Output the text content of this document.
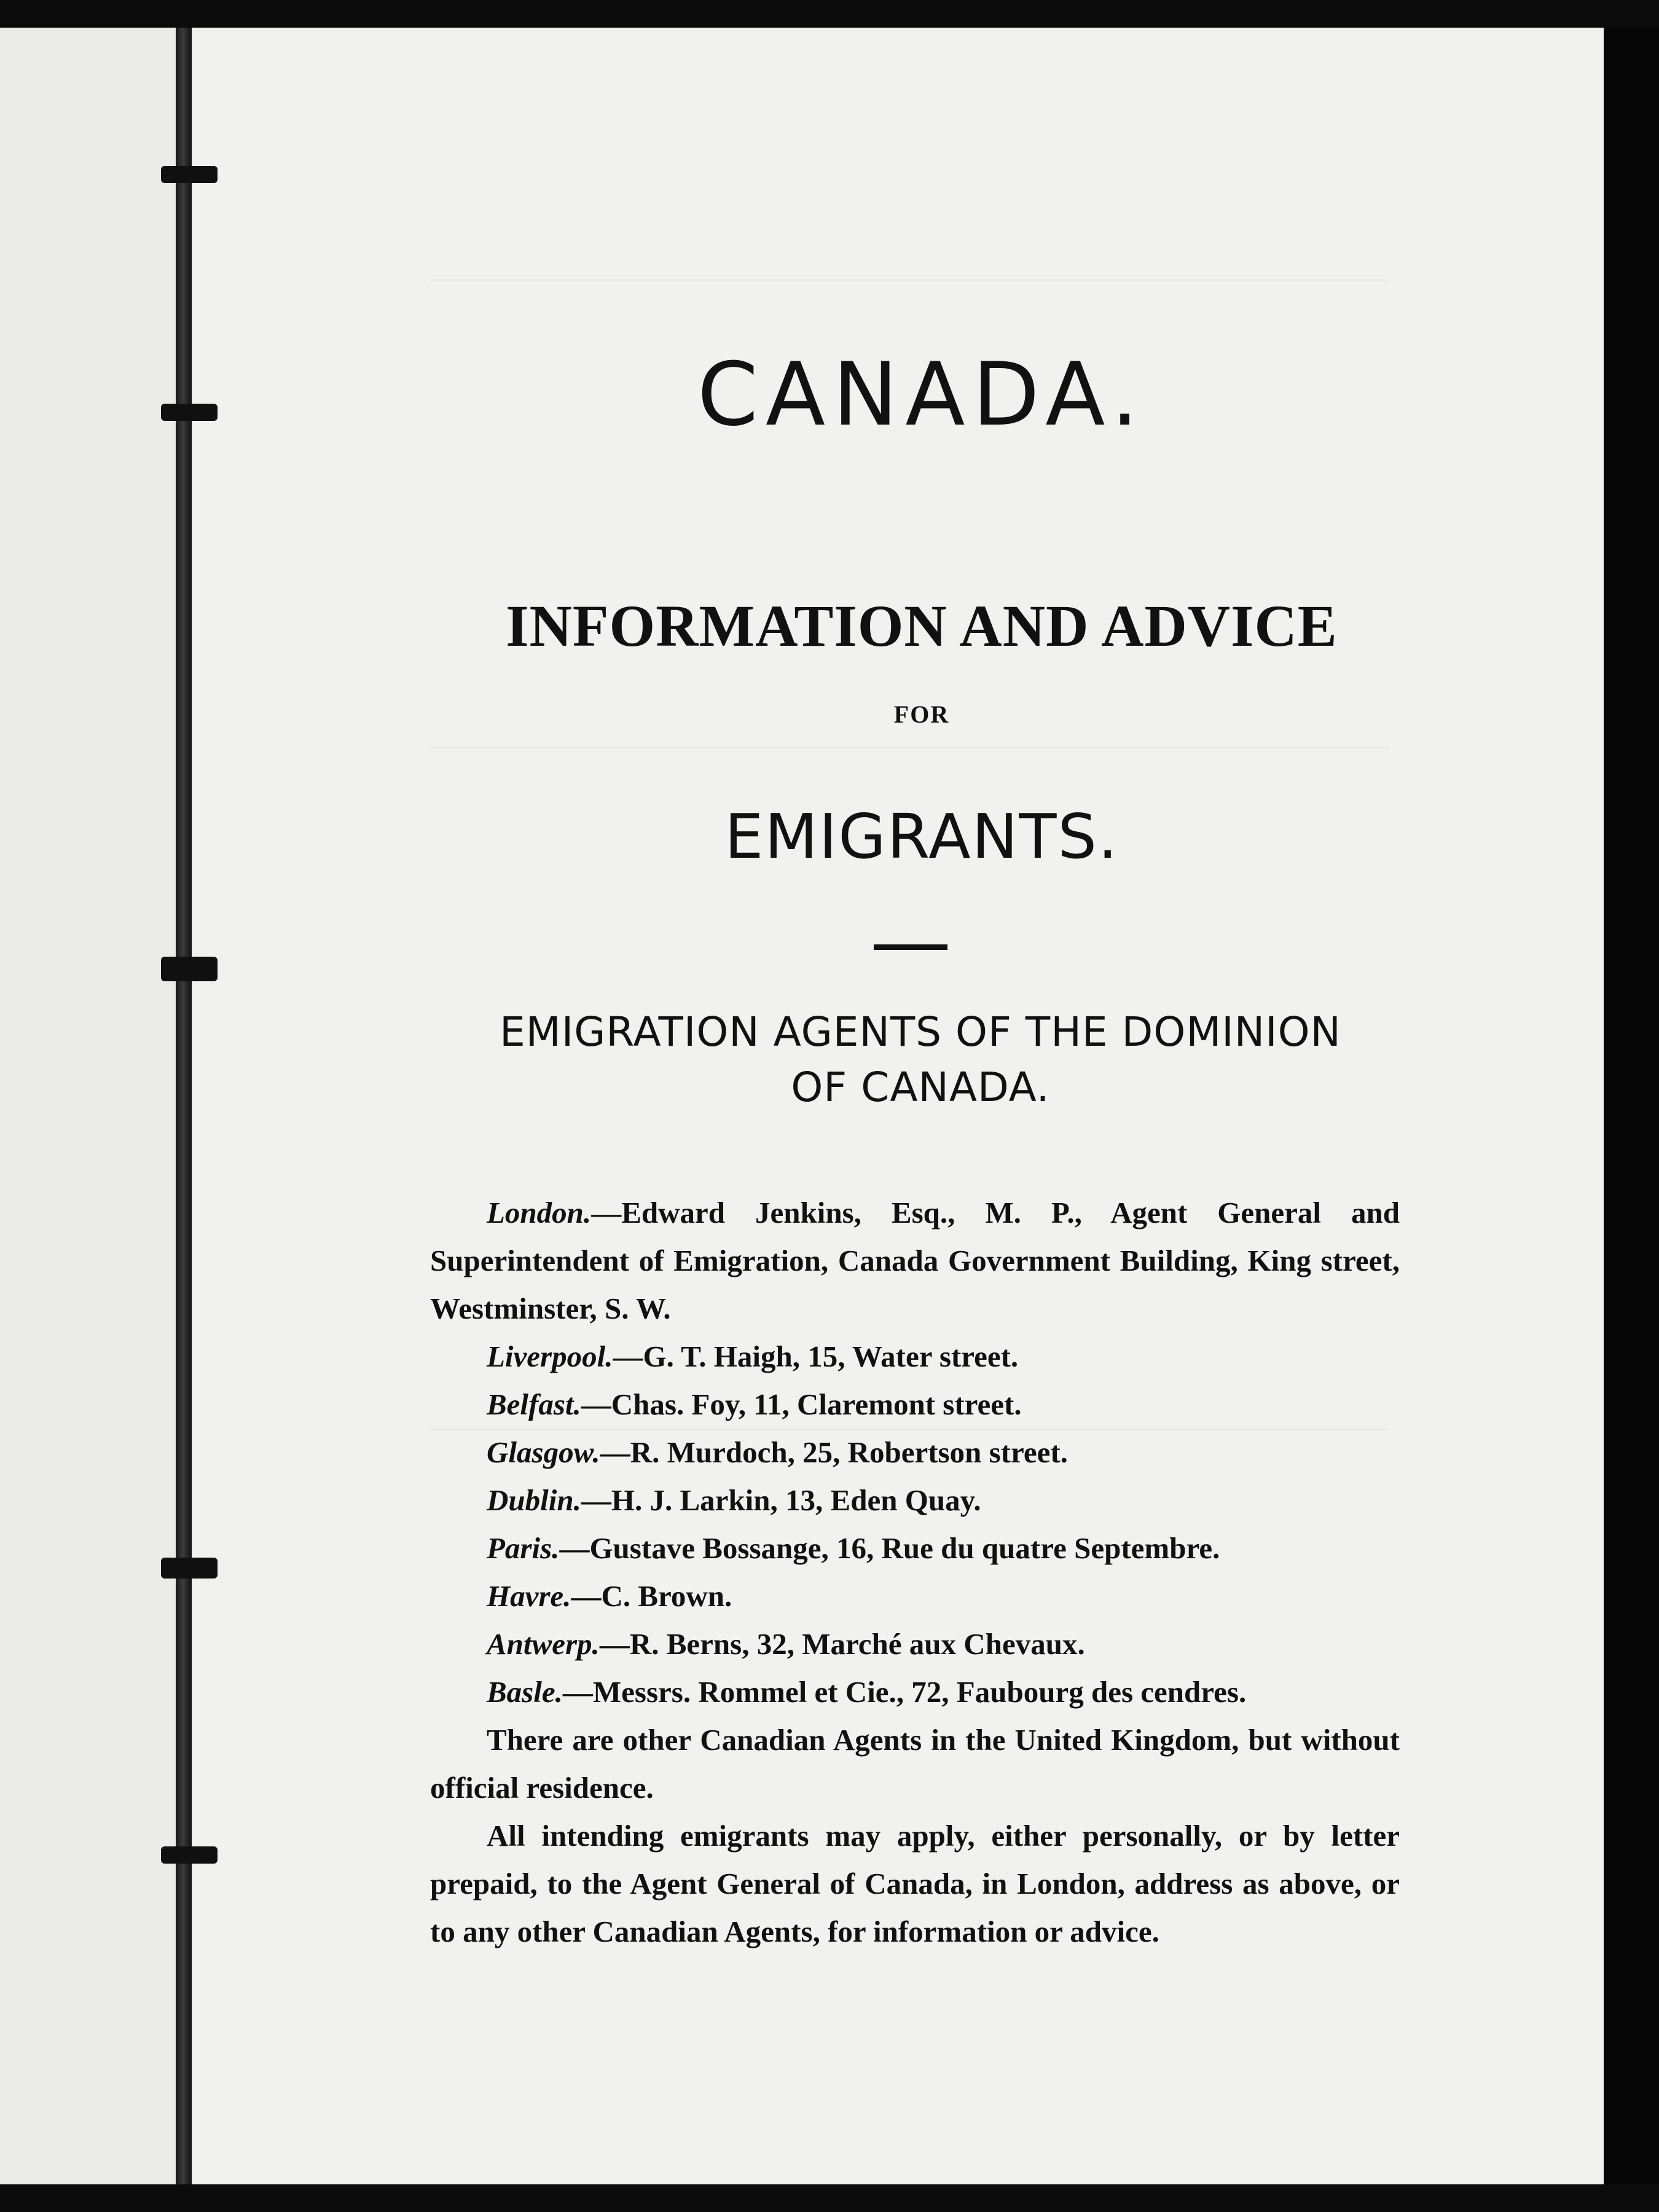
CANADA.
INFORMATION AND ADVICE
FOR
EMIGRANTS.
EMIGRATION AGENTS OF THE DOMINION
OF CANADA.

London.—Edward Jenkins, Esq., M. P., Agent General and Superintendent of Emigration, Canada Government Building, King street, Westminster, S. W.

Liverpool.—G. T. Haigh, 15, Water street.

Belfast.—Chas. Foy, 11, Claremont street.

Glasgow.—R. Murdoch, 25, Robertson street.

Dublin.—H. J. Larkin, 13, Eden Quay.

Paris.—Gustave Bossange, 16, Rue du quatre Septembre.

Havre.—C. Brown.

Antwerp.—R. Berns, 32, Marché aux Chevaux.

Basle.—Messrs. Rommel et Cie., 72, Faubourg des cendres.

There are other Canadian Agents in the United Kingdom, but without official residence.

All intending emigrants may apply, either personally, or by letter prepaid, to the Agent General of Canada, in London, address as above, or to any other Canadian Agents, for information or advice.
